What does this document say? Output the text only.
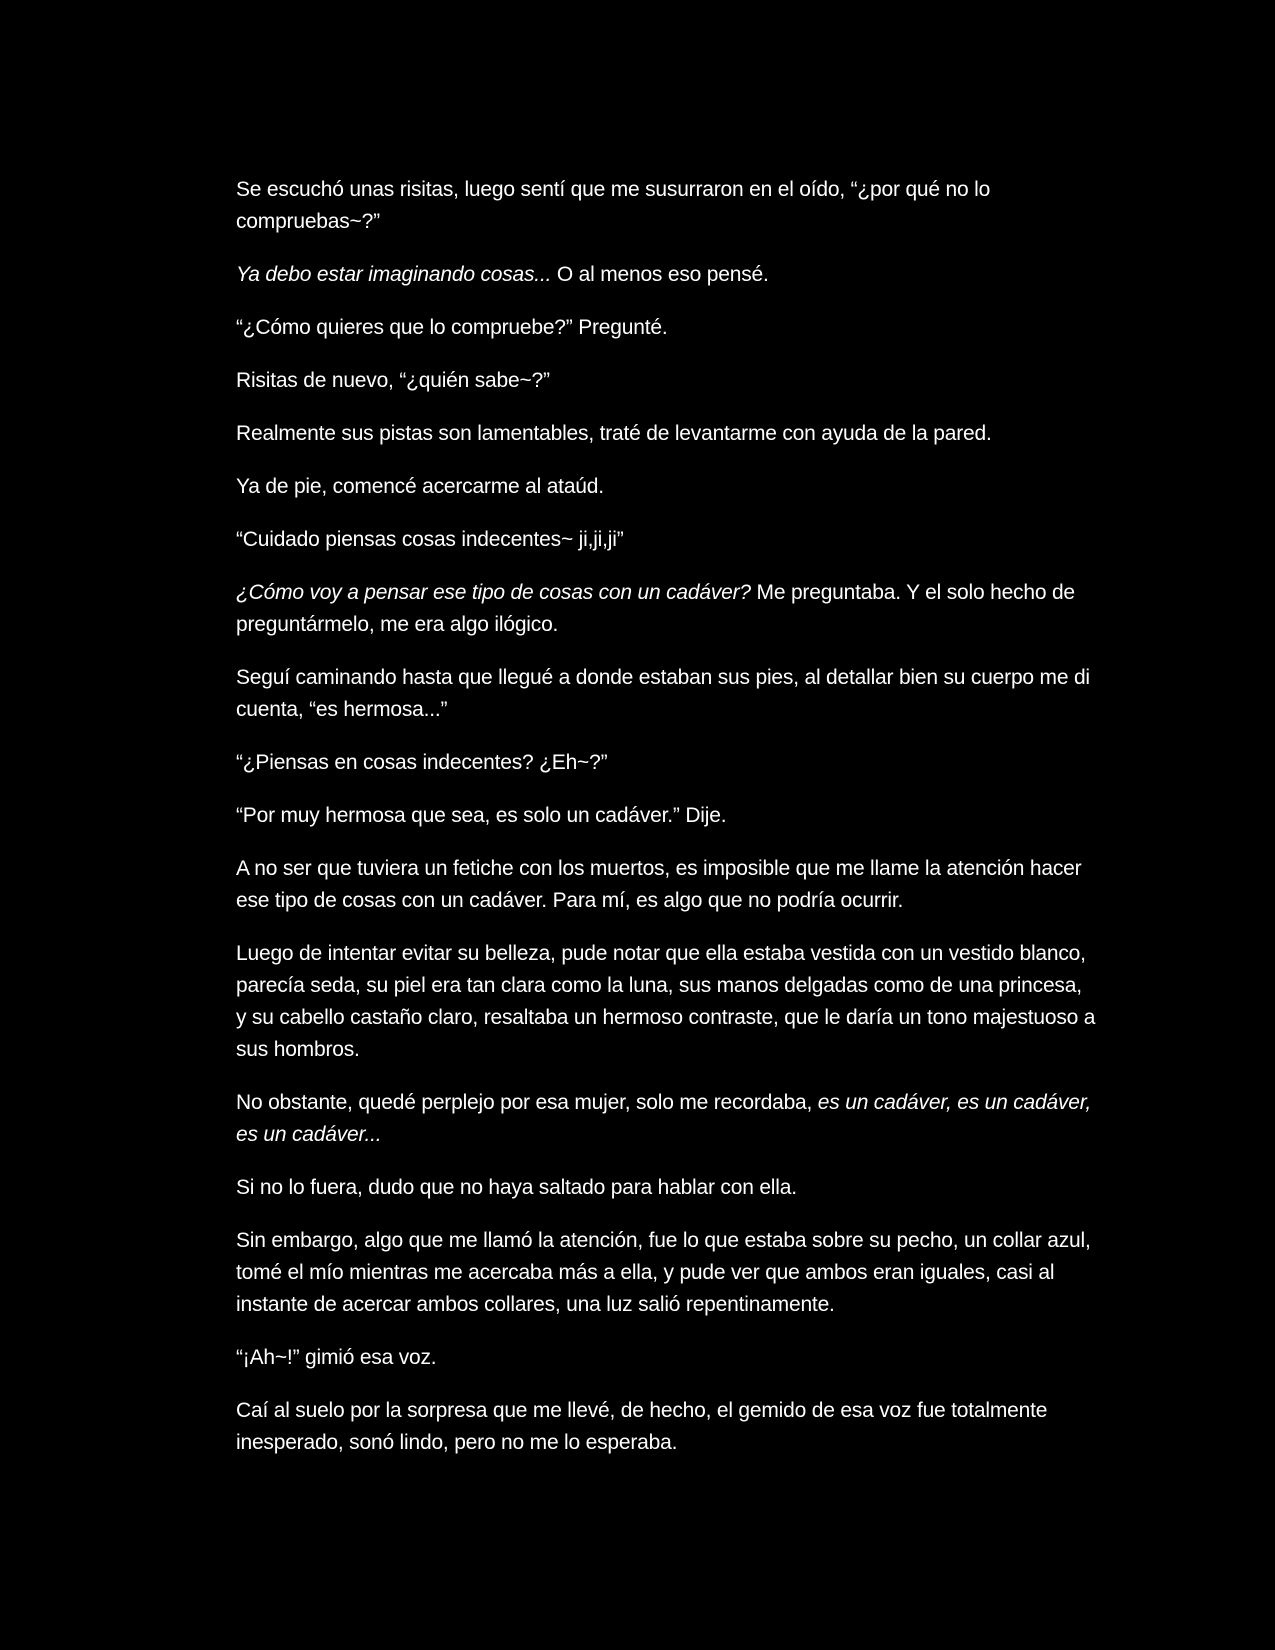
Se escuchó unas risitas, luego sentí que me susurraron en el oído, “¿por qué no lo compruebas~?”

Ya debo estar imaginando cosas... O al menos eso pensé.

“¿Cómo quieres que lo compruebe?” Pregunté.

Risitas de nuevo, “¿quién sabe~?”

Realmente sus pistas son lamentables, traté de levantarme con ayuda de la pared.

Ya de pie, comencé acercarme al ataúd.

“Cuidado piensas cosas indecentes~ ji,ji,ji”

¿Cómo voy a pensar ese tipo de cosas con un cadáver? Me preguntaba. Y el solo hecho de preguntármelo, me era algo ilógico.

Seguí caminando hasta que llegué a donde estaban sus pies, al detallar bien su cuerpo me di cuenta, “es hermosa...”

“¿Piensas en cosas indecentes? ¿Eh~?”

“Por muy hermosa que sea, es solo un cadáver.” Dije.

A no ser que tuviera un fetiche con los muertos, es imposible que me llame la atención hacer ese tipo de cosas con un cadáver. Para mí, es algo que no podría ocurrir.

Luego de intentar evitar su belleza, pude notar que ella estaba vestida con un vestido blanco, parecía seda, su piel era tan clara como la luna, sus manos delgadas como de una princesa, y su cabello castaño claro, resaltaba un hermoso contraste, que le daría un tono majestuoso a sus hombros.

No obstante, quedé perplejo por esa mujer, solo me recordaba, es un cadáver, es un cadáver, es un cadáver...

Si no lo fuera, dudo que no haya saltado para hablar con ella.

Sin embargo, algo que me llamó la atención, fue lo que estaba sobre su pecho, un collar azul, tomé el mío mientras me acercaba más a ella, y pude ver que ambos eran iguales, casi al instante de acercar ambos collares, una luz salió repentinamente.

“¡Ah~!” gimió esa voz.

Caí al suelo por la sorpresa que me llevé, de hecho, el gemido de esa voz fue totalmente inesperado, sonó lindo, pero no me lo esperaba.
